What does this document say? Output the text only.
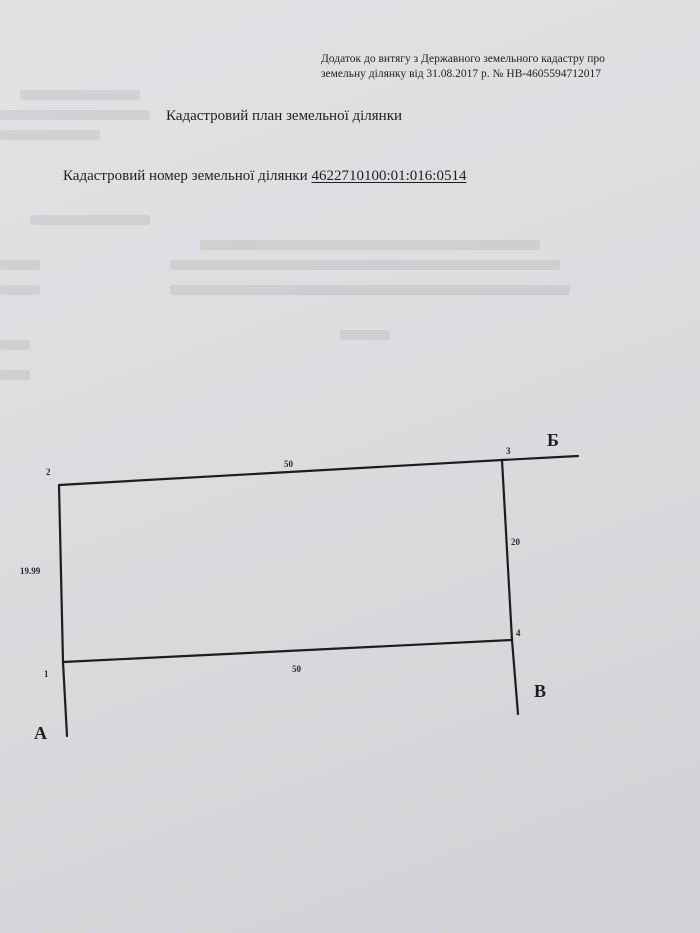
Додаток до витягу з Державного земельного кадастру про
земельну ділянку від 31.08.2017 р. № НВ-4605594712017
Кадастровий план земельної ділянки
Кадастровий номер земельної ділянки 4622710100:01:016:0514
1
2
3
4
19.99
50
20
50
А
Б
В
